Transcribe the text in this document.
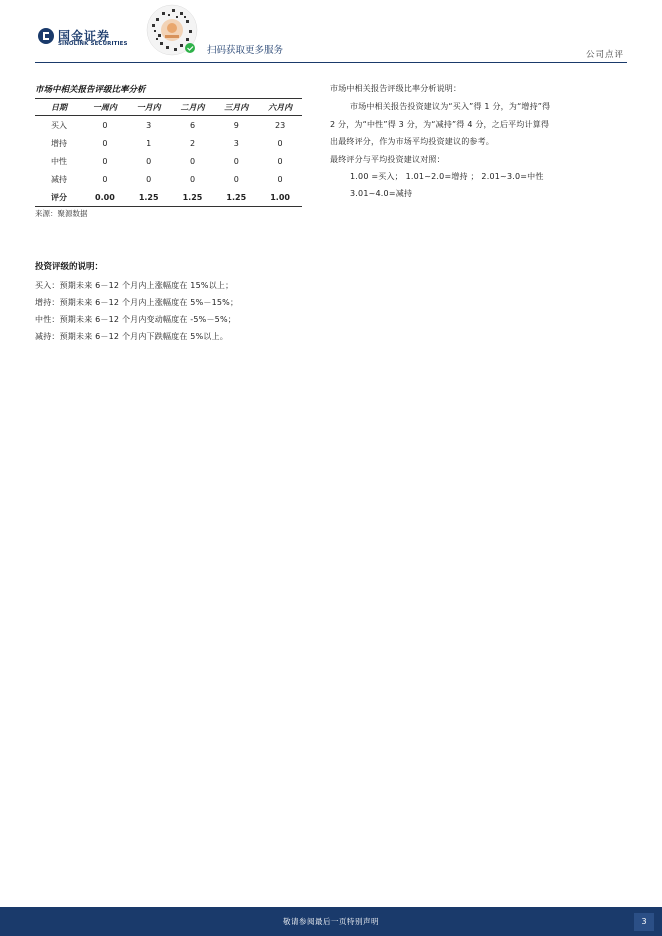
国金证券
SINOLINK SECURITIES
扫码获取更多服务	公司点评
市场中相关报告评级比率分析
日期	一周内	一月内	二月内	三月内	六月内
买入	0	3	6	9	23
增持	0	1	2	3	0
中性	0	0	0	0	0
减持	0	0	0	0	0
评分	0.00	1.25	1.25	1.25	1.00
来源：聚源数据
市场中相关报告评级比率分析说明：
市场中相关报告投资建议为“买入”得 1 分，为“增持”得
2 分，为“中性”得 3 分，为“减持”得 4 分，之后平均计算得
出最终评分，作为市场平均投资建议的参考。
最终评分与平均投资建议对照：
1.00 =买入； 1.01~2.0=增持 ； 2.01~3.0=中性
3.01~4.0=减持
投资评级的说明：
买入：预期未来 6－12 个月内上涨幅度在 15%以上；
增持：预期未来 6－12 个月内上涨幅度在 5%－15%；
中性：预期未来 6－12 个月内变动幅度在 -5%－5%；
减持：预期未来 6－12 个月内下跌幅度在 5%以上。
敬请参阅最后一页特别声明	3
